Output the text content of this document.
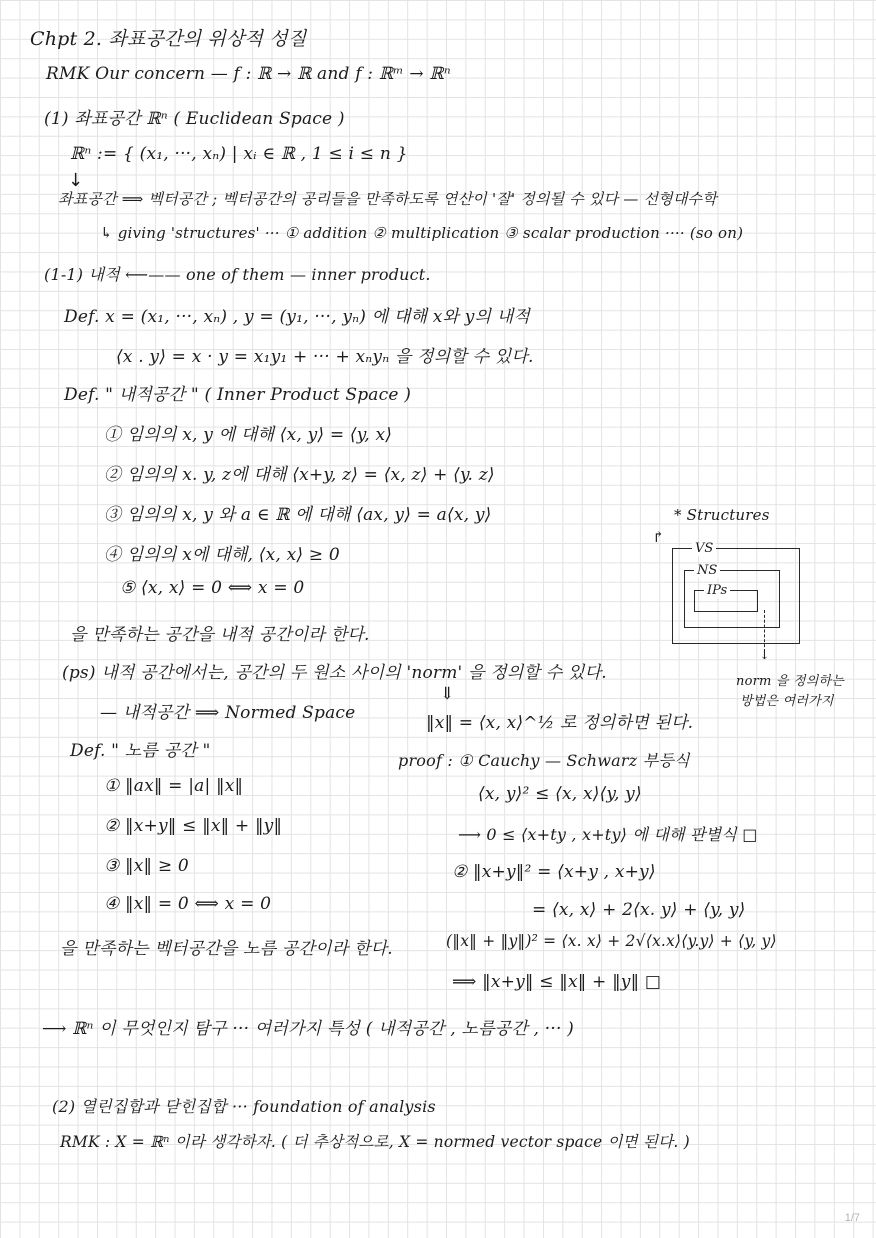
Chpt 2. 좌표공간의 위상적 성질
RMK Our concern — f : ℝ → ℝ and f : ℝᵐ → ℝⁿ
(1) 좌표공간 ℝⁿ ( Euclidean Space )
ℝⁿ := { (x₁, ···, xₙ) | xᵢ ∈ ℝ , 1 ≤ i ≤ n }
↓
좌표공간 ⟹ 벡터공간 ; 벡터공간의 공리들을 만족하도록 연산이 '잘' 정의될 수 있다 — 선형대수학
↳ giving 'structures' ··· ① addition ② multiplication ③ scalar production ···· (so on)
(1-1) 내적 ⟵—— one of them — inner product.
Def. x = (x₁, ···, xₙ) , y = (y₁, ···, yₙ) 에 대해 x와 y의 내적
⟨x . y⟩ = x · y = x₁y₁ + ··· + xₙyₙ 을 정의할 수 있다.
Def. " 내적공간 " ( Inner Product Space )
① 임의의 x, y 에 대해 ⟨x, y⟩ = ⟨y, x⟩
② 임의의 x. y, z에 대해 ⟨x+y, z⟩ = ⟨x, z⟩ + ⟨y. z⟩
③ 임의의 x, y 와 a ∈ ℝ 에 대해 ⟨ax, y⟩ = a⟨x, y⟩
④ 임의의 x에 대해, ⟨x, x⟩ ≥ 0
⑤ ⟨x, x⟩ = 0 ⟺ x = 0
을 만족하는 공간을 내적 공간이라 한다.
(ps) 내적 공간에서는, 공간의 두 원소 사이의 'norm' 을 정의할 수 있다.
⇓
‖x‖ = ⟨x, x⟩^½ 로 정의하면 된다.
— 내적공간 ⟹ Normed Space
Def. " 노름 공간 "
① ‖ax‖ = |a| ‖x‖
② ‖x+y‖ ≤ ‖x‖ + ‖y‖
③ ‖x‖ ≥ 0
④ ‖x‖ = 0 ⟺ x = 0
을 만족하는 벡터공간을 노름 공간이라 한다.
proof : ① Cauchy — Schwarz 부등식
⟨x, y⟩² ≤ ⟨x, x⟩⟨y, y⟩
⟶ 0 ≤ ⟨x+ty , x+ty⟩ 에 대해 판별식 □
② ‖x+y‖² = ⟨x+y , x+y⟩
= ⟨x, x⟩ + 2⟨x. y⟩ + ⟨y, y⟩
(‖x‖ + ‖y‖)² = ⟨x. x⟩ + 2√⟨x.x⟩⟨y.y⟩ + ⟨y, y⟩
⟹ ‖x+y‖ ≤ ‖x‖ + ‖y‖ □
⟶ ℝⁿ 이 무엇인지 탐구 ··· 여러가지 특성 ( 내적공간 , 노름공간 , ··· )
(2) 열린집합과 닫힌집합 ··· foundation of analysis
RMK : X = ℝⁿ 이라 생각하자. ( 더 추상적으로, X = normed vector space 이면 된다. )
* Structures
↱
VS
NS
IPs
↓
norm 을 정의하는
방법은 여러가지
1/7
